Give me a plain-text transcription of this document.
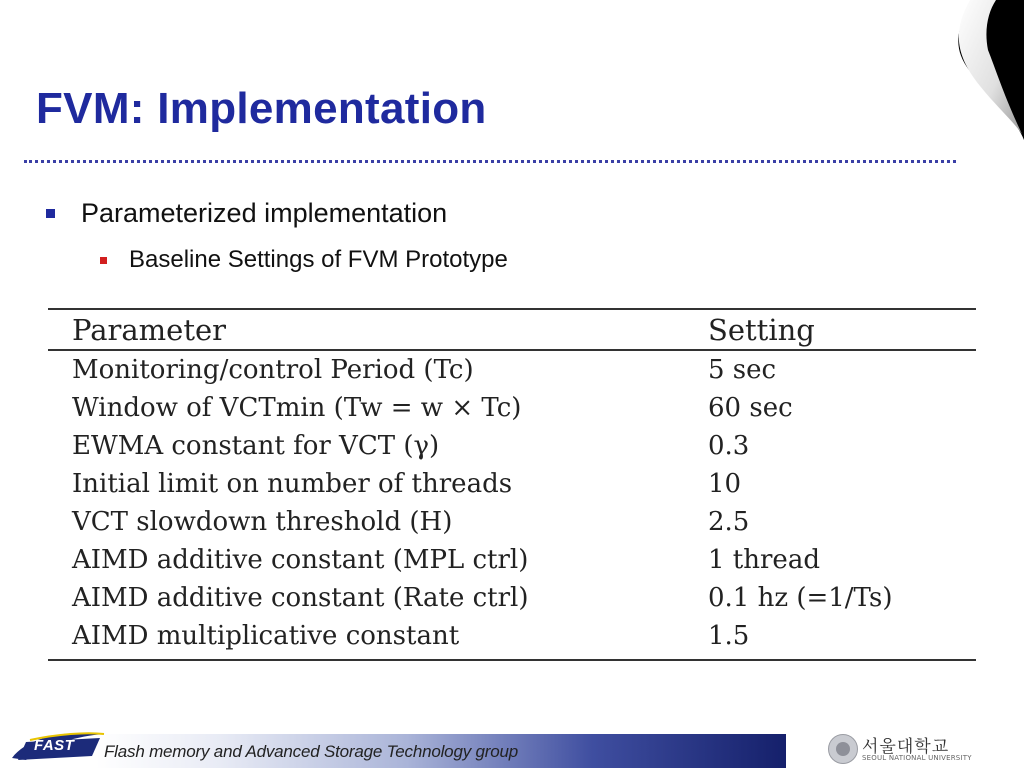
FVM: Implementation
Parameterized implementation
Baseline Settings of FVM Prototype
Parameter	Setting
Monitoring/control Period (Tc)	5 sec
Window of VCTmin (Tw = w × Tc)	60 sec
EWMA constant for VCT (γ)	0.3
Initial limit on number of threads	10
VCT slowdown threshold (H)	2.5
AIMD additive constant (MPL ctrl)	1 thread
AIMD additive constant (Rate ctrl)	0.1 hz (=1/Ts)
AIMD multiplicative constant	1.5
Flash memory and Advanced Storage Technology group
FAST	서울대학교
SEOUL NATIONAL UNIVERSITY
